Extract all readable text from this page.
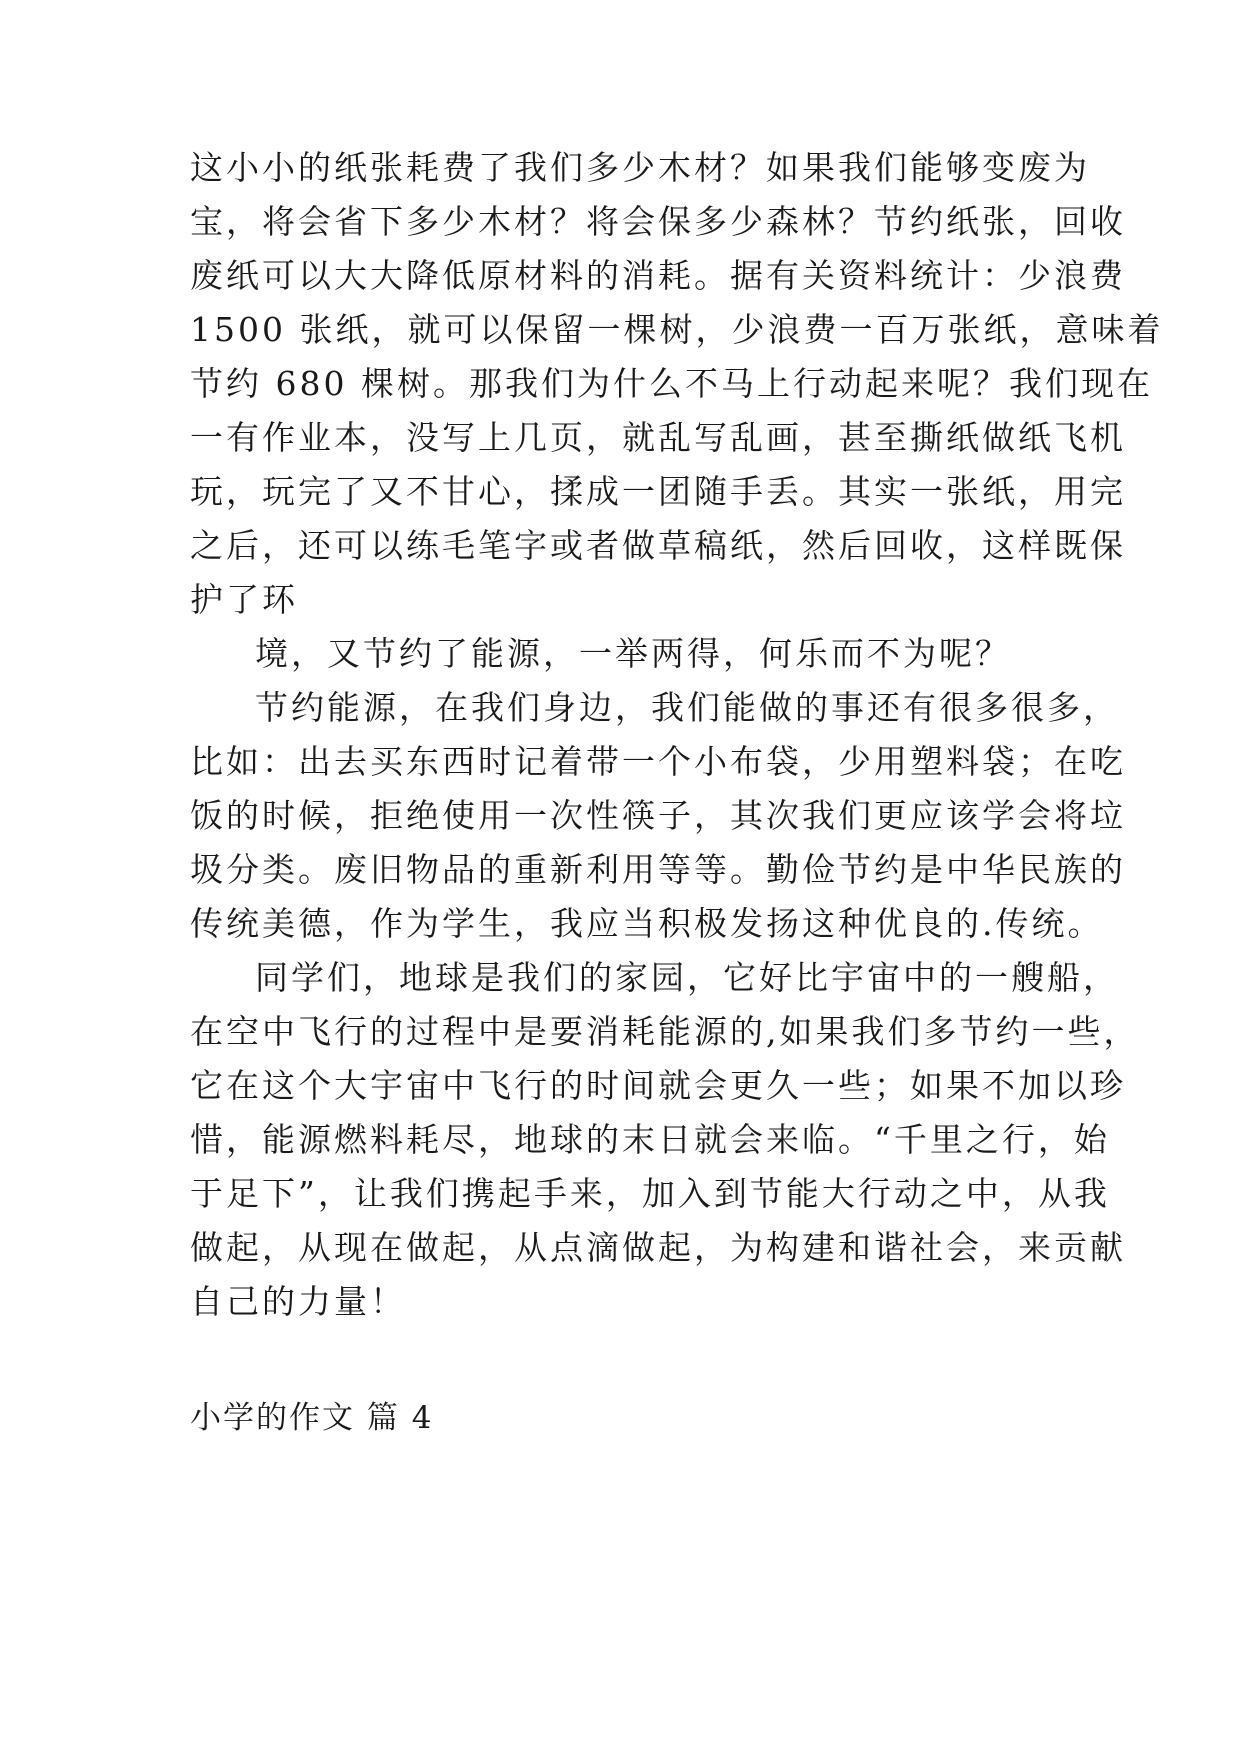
这小小的纸张耗费了我们多少木材？如果我们能够变废为
宝，将会省下多少木材？将会保多少森林？节约纸张，回收
废纸可以大大降低原材料的消耗。据有关资料统计：少浪费
1500 张纸，就可以保留一棵树，少浪费一百万张纸，意味着
节约 680 棵树。那我们为什么不马上行动起来呢？我们现在
一有作业本，没写上几页，就乱写乱画，甚至撕纸做纸飞机
玩，玩完了又不甘心，揉成一团随手丢。其实一张纸，用完
之后，还可以练毛笔字或者做草稿纸，然后回收，这样既保
护了环
境，又节约了能源，一举两得，何乐而不为呢？
节约能源，在我们身边，我们能做的事还有很多很多，
比如：出去买东西时记着带一个小布袋，少用塑料袋；在吃
饭的时候，拒绝使用一次性筷子，其次我们更应该学会将垃
圾分类。废旧物品的重新利用等等。勤俭节约是中华民族的
传统美德，作为学生，我应当积极发扬这种优良的.传统。
同学们，地球是我们的家园，它好比宇宙中的一艘船，
在空中飞行的过程中是要消耗能源的,如果我们多节约一些，
它在这个大宇宙中飞行的时间就会更久一些；如果不加以珍
惜，能源燃料耗尽，地球的末日就会来临。“千里之行，始
于足下”，让我们携起手来，加入到节能大行动之中，从我
做起，从现在做起，从点滴做起，为构建和谐社会，来贡献
自己的力量！
小学的作文 篇 4
